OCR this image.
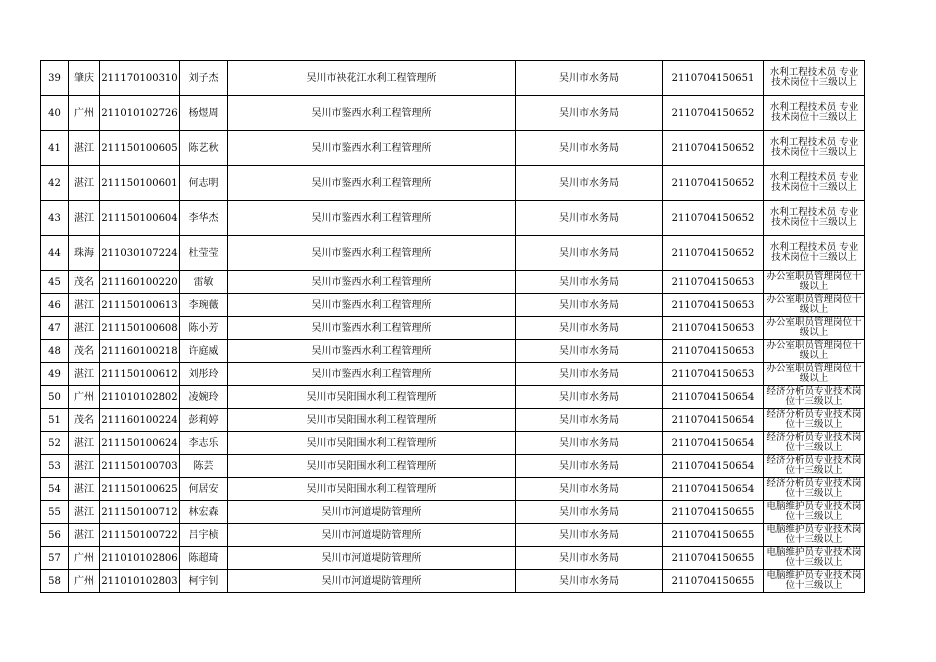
39	肇庆	211170100310	刘子杰	吴川市袂花江水利工程管理所	吴川市水务局	2110704150651	水利工程技术员 专业技术岗位十三级以上
40	广州	211010102726	杨煜周	吴川市鉴西水利工程管理所	吴川市水务局	2110704150652	水利工程技术员 专业技术岗位十三级以上
41	湛江	211150100605	陈艺秋	吴川市鉴西水利工程管理所	吴川市水务局	2110704150652	水利工程技术员 专业技术岗位十三级以上
42	湛江	211150100601	何志明	吴川市鉴西水利工程管理所	吴川市水务局	2110704150652	水利工程技术员 专业技术岗位十三级以上
43	湛江	211150100604	李华杰	吴川市鉴西水利工程管理所	吴川市水务局	2110704150652	水利工程技术员 专业技术岗位十三级以上
44	珠海	211030107224	杜莹莹	吴川市鉴西水利工程管理所	吴川市水务局	2110704150652	水利工程技术员 专业技术岗位十三级以上
45	茂名	211160100220	雷敏	吴川市鉴西水利工程管理所	吴川市水务局	2110704150653	办公室职员管理岗位十级以上
46	湛江	211150100613	李琬薇	吴川市鉴西水利工程管理所	吴川市水务局	2110704150653	办公室职员管理岗位十级以上
47	湛江	211150100608	陈小芳	吴川市鉴西水利工程管理所	吴川市水务局	2110704150653	办公室职员管理岗位十级以上
48	茂名	211160100218	许庭威	吴川市鉴西水利工程管理所	吴川市水务局	2110704150653	办公室职员管理岗位十级以上
49	湛江	211150100612	刘彤玲	吴川市鉴西水利工程管理所	吴川市水务局	2110704150653	办公室职员管理岗位十级以上
50	广州	211010102802	凌婉玲	吴川市吴阳围水利工程管理所	吴川市水务局	2110704150654	经济分析员专业技术岗位十三级以上
51	茂名	211160100224	彭莉婷	吴川市吴阳围水利工程管理所	吴川市水务局	2110704150654	经济分析员专业技术岗位十三级以上
52	湛江	211150100624	李志乐	吴川市吴阳围水利工程管理所	吴川市水务局	2110704150654	经济分析员专业技术岗位十三级以上
53	湛江	211150100703	陈芸	吴川市吴阳围水利工程管理所	吴川市水务局	2110704150654	经济分析员专业技术岗位十三级以上
54	湛江	211150100625	何居安	吴川市吴阳围水利工程管理所	吴川市水务局	2110704150654	经济分析员专业技术岗位十三级以上
55	湛江	211150100712	林宏森	吴川市河道堤防管理所	吴川市水务局	2110704150655	电脑维护员专业技术岗位十三级以上
56	湛江	211150100722	吕宇桢	吴川市河道堤防管理所	吴川市水务局	2110704150655	电脑维护员专业技术岗位十三级以上
57	广州	211010102806	陈超琦	吴川市河道堤防管理所	吴川市水务局	2110704150655	电脑维护员专业技术岗位十三级以上
58	广州	211010102803	柯宇钊	吴川市河道堤防管理所	吴川市水务局	2110704150655	电脑维护员专业技术岗位十三级以上
